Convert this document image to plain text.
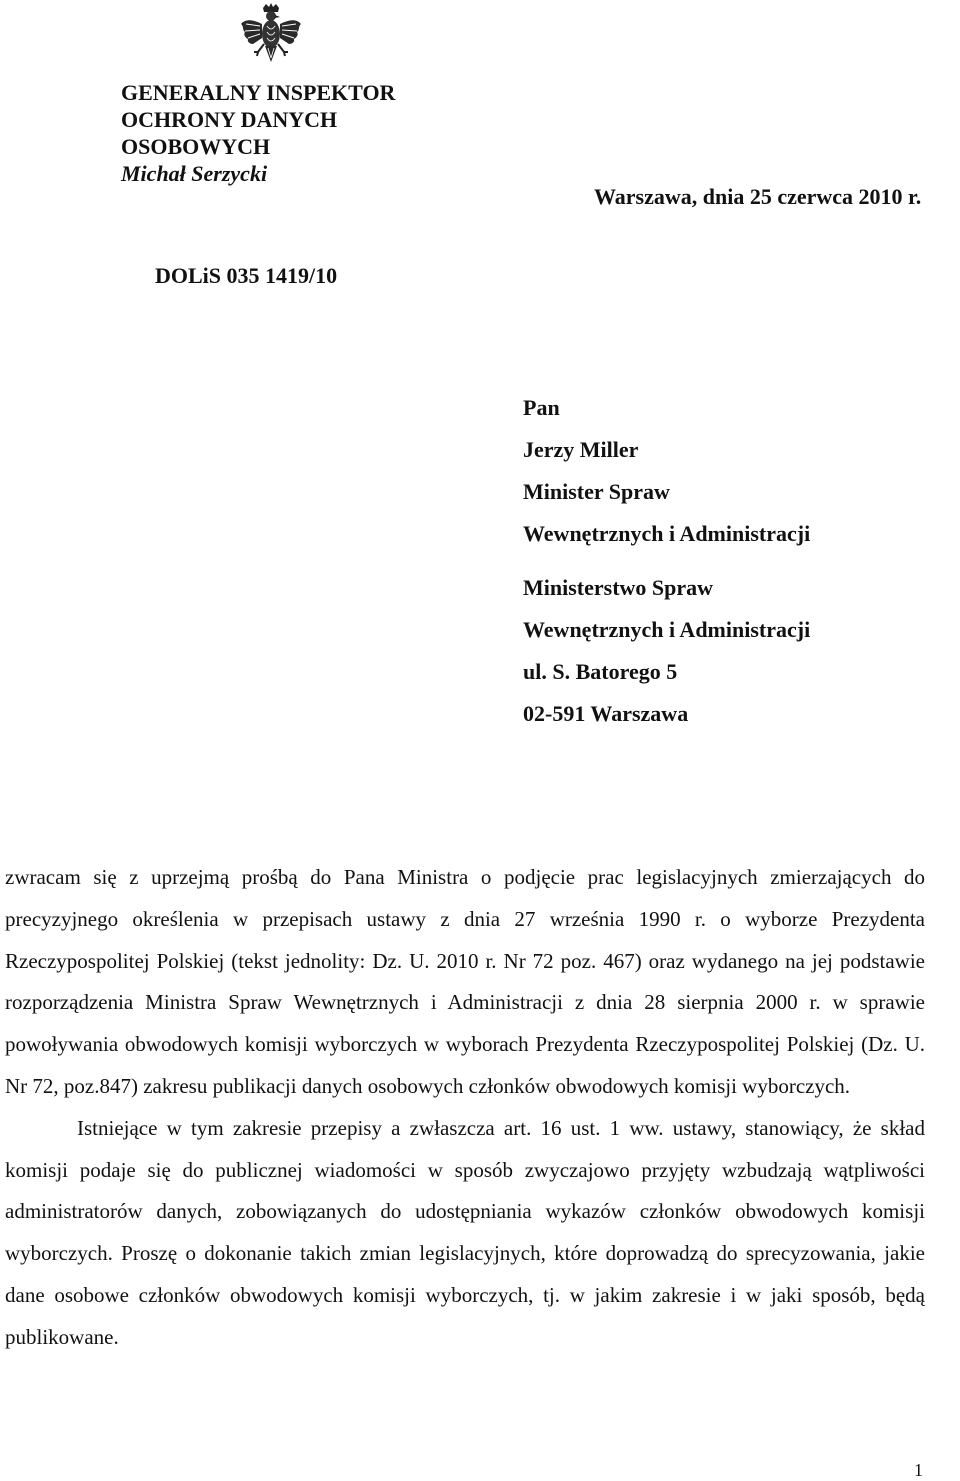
GENERALNY INSPEKTOR
OCHRONY DANYCH
OSOBOWYCH
Michał Serzycki
Warszawa, dnia 25 czerwca 2010 r.
DOLiS 035 1419/10
Pan
Jerzy Miller
Minister Spraw
Wewnętrznych i Administracji
Ministerstwo Spraw
Wewnętrznych i Administracji
ul. S. Batorego 5
02-591 Warszawa

zwracam się z uprzejmą prośbą do Pana Ministra o podjęcie prac legislacyjnych zmierzających do precyzyjnego określenia w przepisach ustawy z dnia 27 września 1990 r. o wyborze Prezydenta Rzeczypospolitej Polskiej (tekst jednolity: Dz. U. 2010 r. Nr 72 poz. 467) oraz wydanego na jej podstawie rozporządzenia Ministra Spraw Wewnętrznych i Administracji z dnia 28 sierpnia 2000 r. w sprawie powoływania obwodowych komisji wyborczych w wyborach Prezydenta Rzeczypospolitej Polskiej (Dz. U. Nr 72, poz.847) zakresu publikacji danych osobowych członków obwodowych komisji wyborczych.

Istniejące w tym zakresie przepisy a zwłaszcza art. 16 ust. 1 ww. ustawy, stanowiący, że skład komisji podaje się do publicznej wiadomości w sposób zwyczajowo przyjęty wzbudzają wątpliwości administratorów danych, zobowiązanych do udostępniania wykazów członków obwodowych komisji wyborczych. Proszę o dokonanie takich zmian legislacyjnych, które doprowadzą do sprecyzowania, jakie dane osobowe członków obwodowych komisji wyborczych, tj. w jakim zakresie i w jaki sposób, będą publikowane.

1
